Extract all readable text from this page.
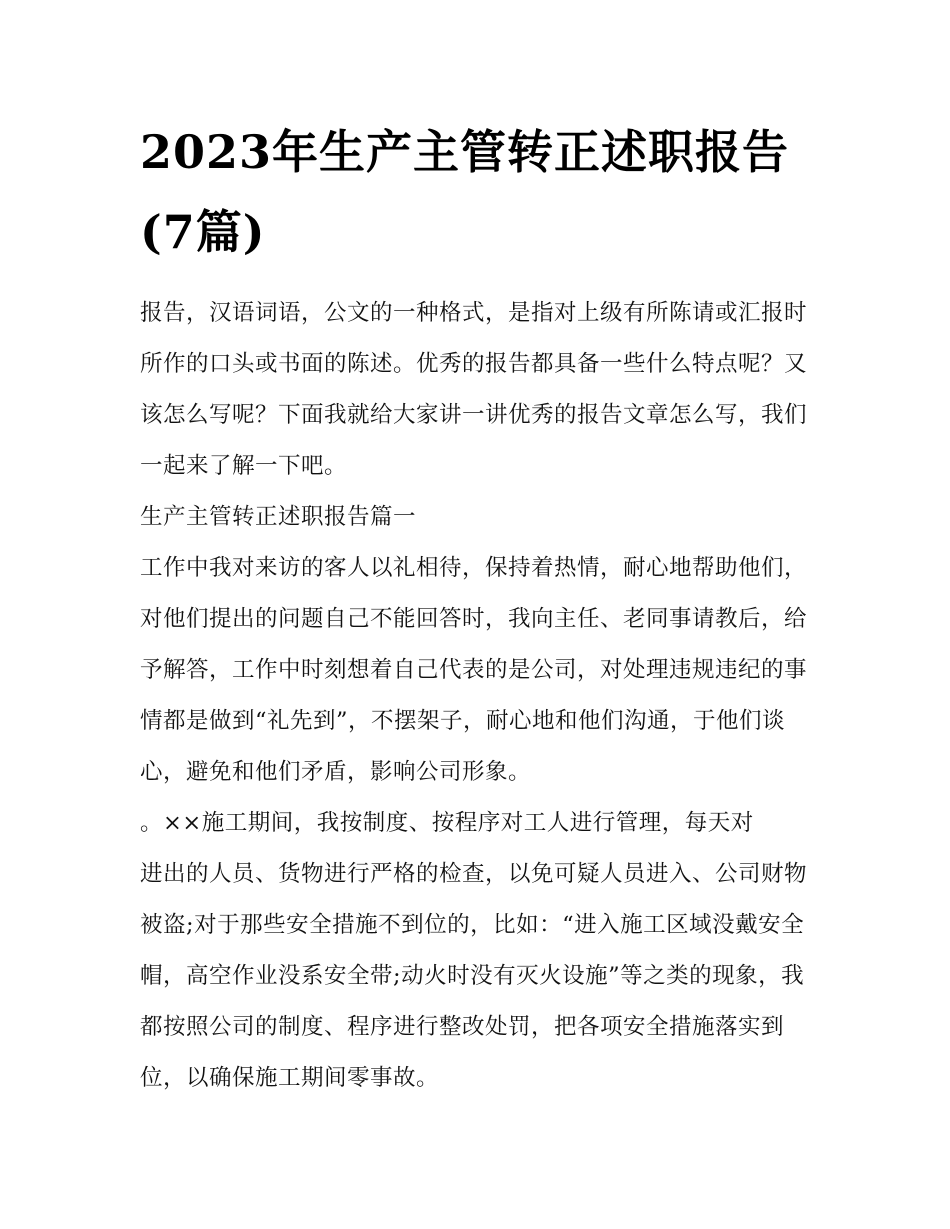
2023年生产主管转正述职报告(7篇)

报告，汉语词语，公文的一种格式，是指对上级有所陈请或汇报时所作的口头或书面的陈述。优秀的报告都具备一些什么特点呢？又该怎么写呢？下面我就给大家讲一讲优秀的报告文章怎么写，我们一起来了解一下吧。

生产主管转正述职报告篇一

工作中我对来访的客人以礼相待，保持着热情，耐心地帮助他们，对他们提出的问题自己不能回答时，我向主任、老同事请教后，给予解答，工作中时刻想着自己代表的是公司，对处理违规违纪的事情都是做到“礼先到”，不摆架子，耐心地和他们沟通，于他们谈心，避免和他们矛盾，影响公司形象。

。××施工期间，我按制度、按程序对工人进行管理，每天对

进出的人员、货物进行严格的检查，以免可疑人员进入、公司财物被盗;对于那些安全措施不到位的，比如：“进入施工区域没戴安全帽，高空作业没系安全带;动火时没有灭火设施”等之类的现象，我都按照公司的制度、程序进行整改处罚，把各项安全措施落实到位，以确保施工期间零事故。
